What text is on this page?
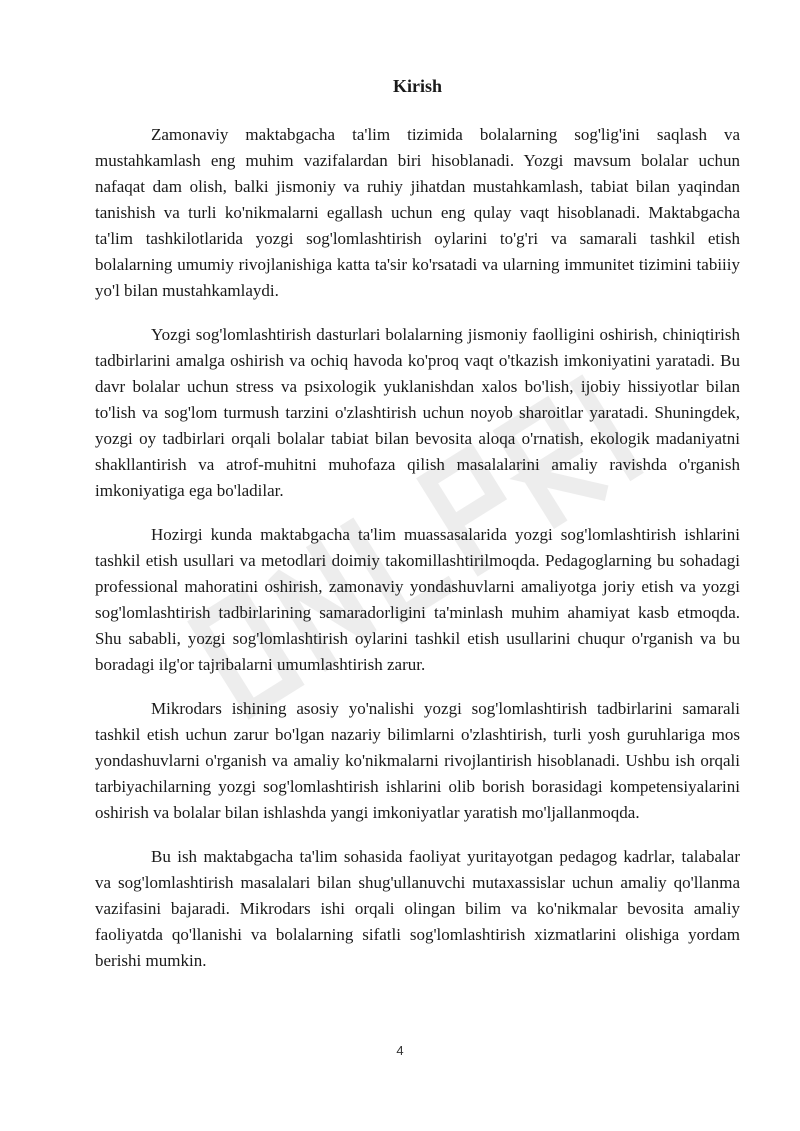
Kirish

Zamonaviy maktabgacha ta'lim tizimida bolalarning sog'lig'ini saqlash va mustahkamlash eng muhim vazifalardan biri hisoblanadi. Yozgi mavsum bolalar uchun nafaqat dam olish, balki jismoniy va ruhiy jihatdan mustahkamlash, tabiat bilan yaqindan tanishish va turli ko'nikmalarni egallash uchun eng qulay vaqt hisoblanadi. Maktabgacha ta'lim tashkilotlarida yozgi sog'lomlashtirish oylarini to'g'ri va samarali tashkil etish bolalarning umumiy rivojlanishiga katta ta'sir ko'rsatadi va ularning immunitet tizimini tabiiiy yo'l bilan mustahkamlaydi.

Yozgi sog'lomlashtirish dasturlari bolalarning jismoniy faolligini oshirish, chiniqtirish tadbirlarini amalga oshirish va ochiq havoda ko'proq vaqt o'tkazish imkoniyatini yaratadi. Bu davr bolalar uchun stress va psixologik yuklanishdan xalos bo'lish, ijobiy hissiyotlar bilan to'lish va sog'lom turmush tarzini o'zlashtirish uchun noyob sharoitlar yaratadi. Shuningdek, yozgi oy tadbirlari orqali bolalar tabiat bilan bevosita aloqa o'rnatish, ekologik madaniyatni shakllantirish va atrof-muhitni muhofaza qilish masalalarini amaliy ravishda o'rganish imkoniyatiga ega bo'ladilar.

Hozirgi kunda maktabgacha ta'lim muassasalarida yozgi sog'lomlashtirish ishlarini tashkil etish usullari va metodlari doimiy takomillashtirilmoqda. Pedagoglarning bu sohadagi professional mahoratini oshirish, zamonaviy yondashuvlarni amaliyotga joriy etish va yozgi sog'lomlashtirish tadbirlarining samaradorligini ta'minlash muhim ahamiyat kasb etmoqda. Shu sababli, yozgi sog'lomlashtirish oylarini tashkil etish usullarini chuqur o'rganish va bu boradagi ilg'or tajribalarni umumlashtirish zarur.

Mikrodars ishining asosiy yo'nalishi yozgi sog'lomlashtirish tadbirlarini samarali tashkil etish uchun zarur bo'lgan nazariy bilimlarni o'zlashtirish, turli yosh guruhlariga mos yondashuvlarni o'rganish va amaliy ko'nikmalarni rivojlantirish hisoblanadi. Ushbu ish orqali tarbiyachilarning yozgi sog'lomlashtirish ishlarini olib borish borasidagi kompetensiyalarini oshirish va bolalar bilan ishlashda yangi imkoniyatlar yaratish mo'ljallanmoqda.

Bu ish maktabgacha ta'lim sohasida faoliyat yuritayotgan pedagog kadrlar, talabalar va sog'lomlashtirish masalalari bilan shug'ullanuvchi mutaxassislar uchun amaliy qo'llanma vazifasini bajaradi. Mikrodars ishi orqali olingan bilim va ko'nikmalar bevosita amaliy faoliyatda qo'llanishi va bolalarning sifatli sog'lomlashtirish xizmatlarini olishiga yordam berishi mumkin.

4
